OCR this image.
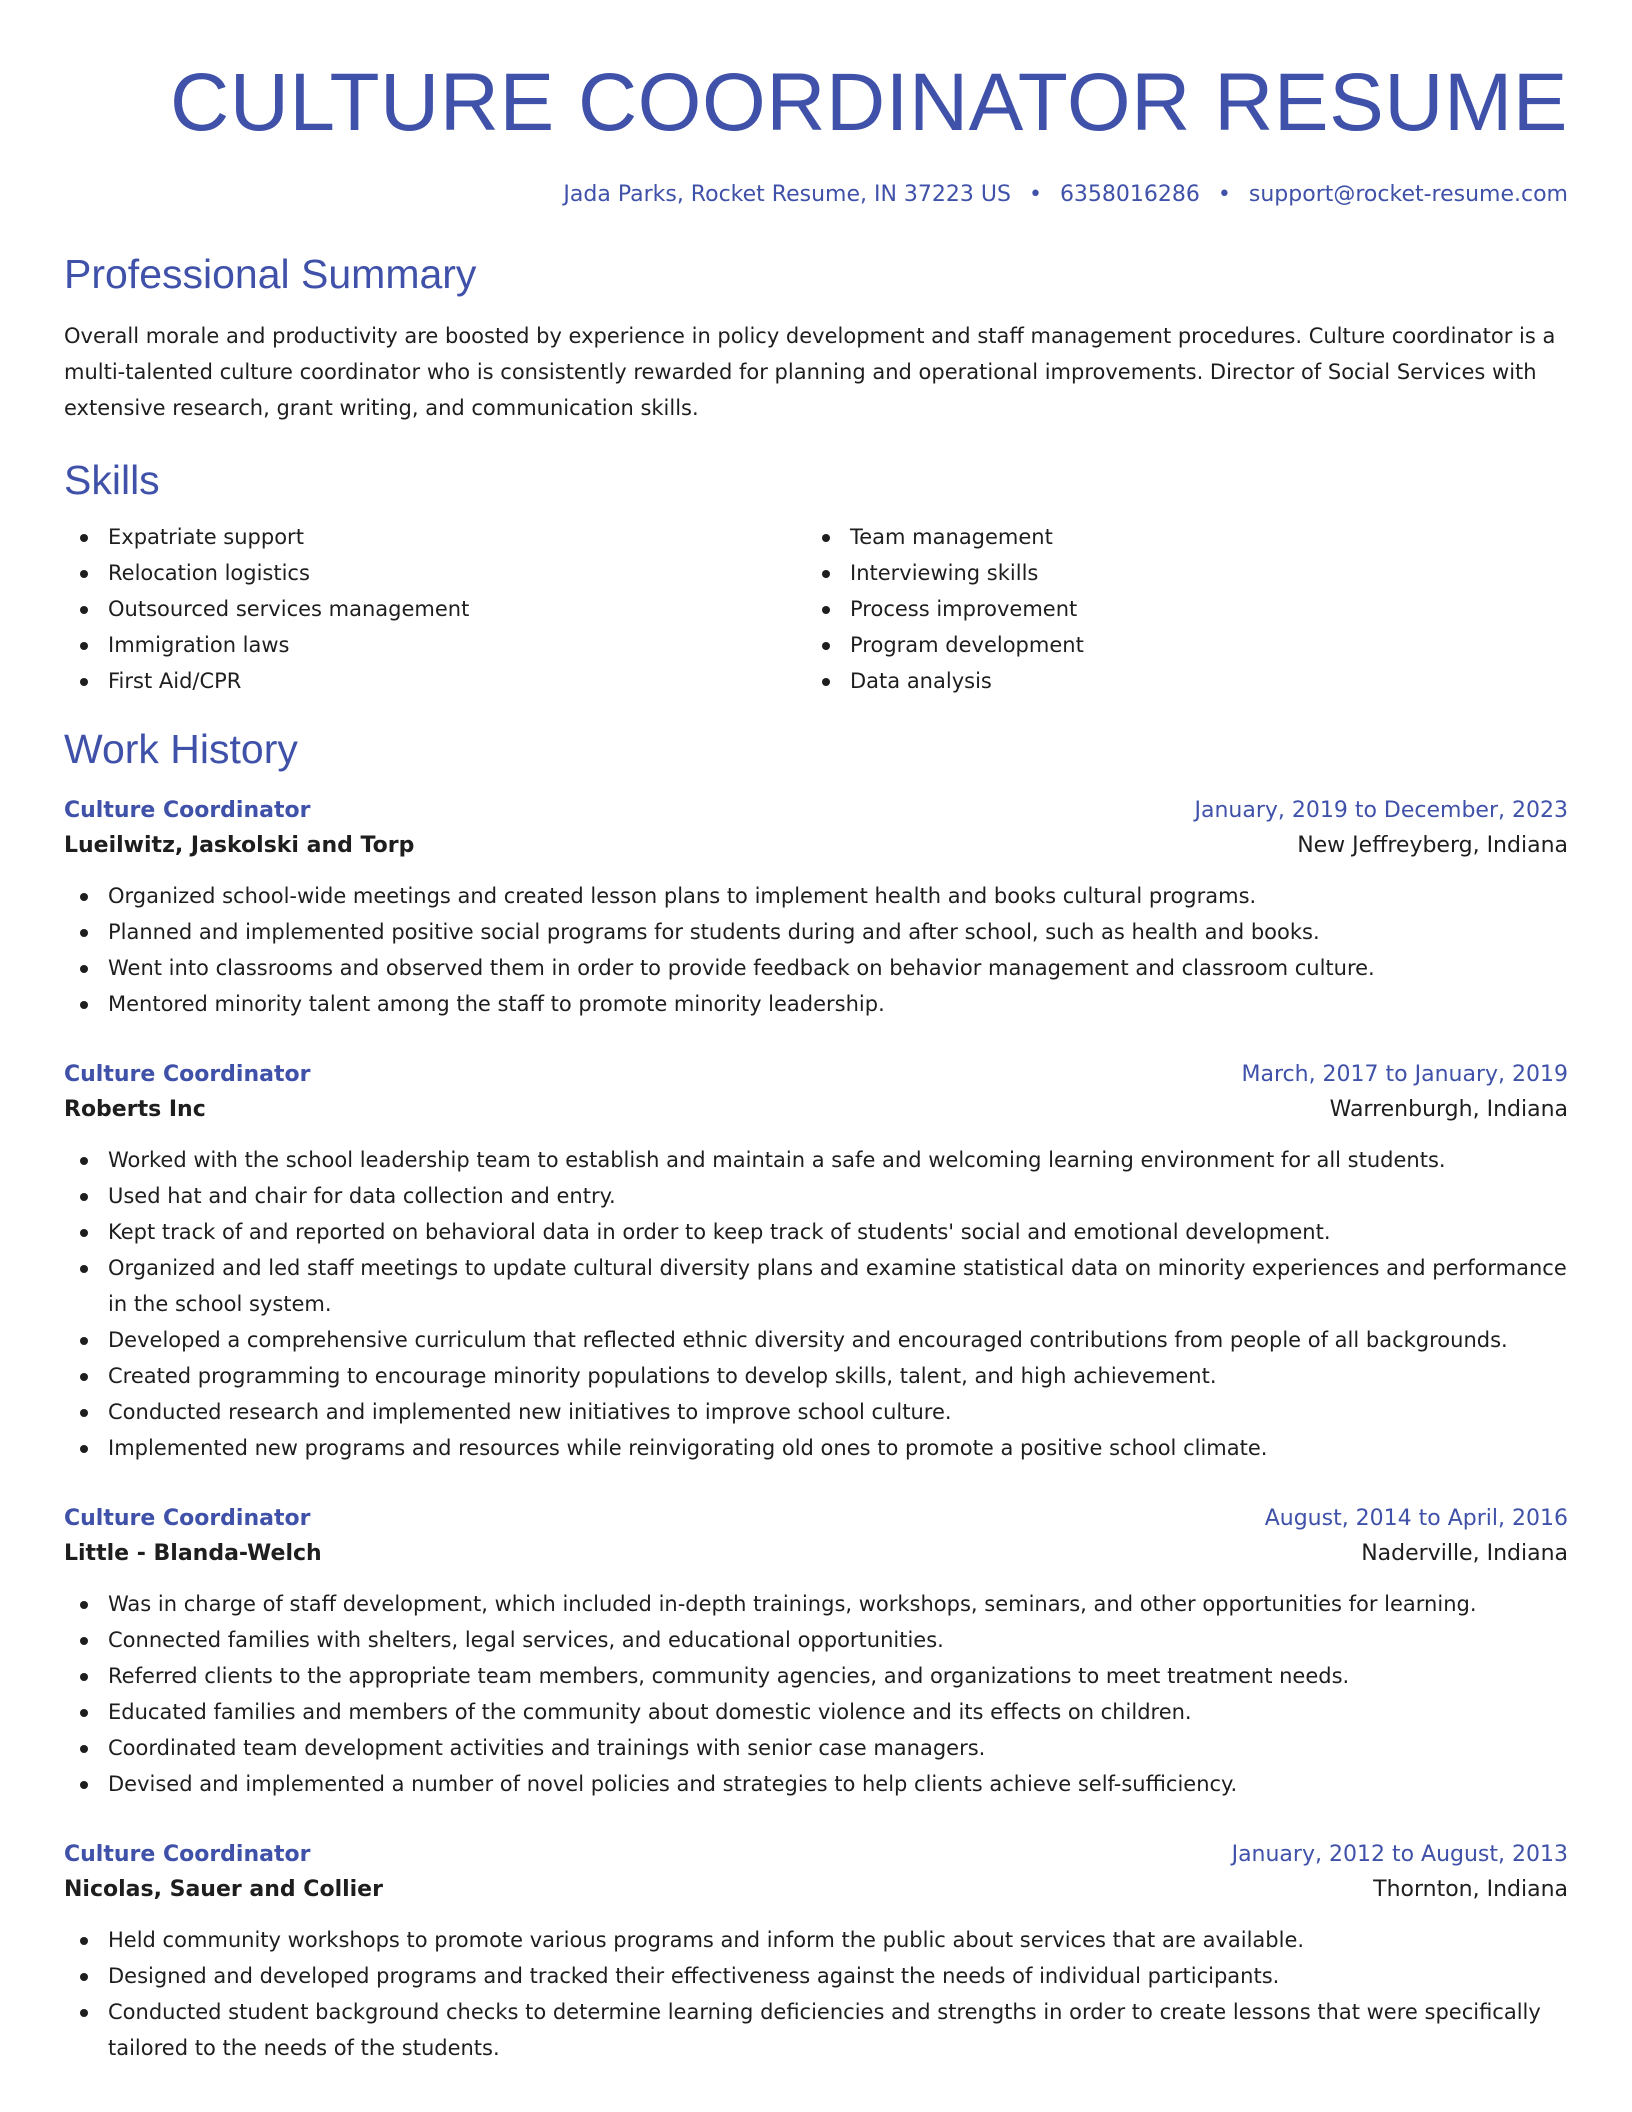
CULTURE COORDINATOR RESUME
Jada Parks, Rocket Resume, IN 37223 US • 6358016286 • support@rocket-resume.com
Professional Summary

Overall morale and productivity are boosted by experience in policy development and staff management procedures. Culture coordinator is a multi-talented culture coordinator who is consistently rewarded for planning and operational improvements. Director of Social Services with extensive research, grant writing, and communication skills.

Skills
Expatriate support
Relocation logistics
Outsourced services management
Immigration laws
First Aid/CPR
Team management
Interviewing skills
Process improvement
Program development
Data analysis
Work History
Culture Coordinator	January, 2019 to December, 2023
Lueilwitz, Jaskolski and Torp	New Jeffreyberg, Indiana
Organized school-wide meetings and created lesson plans to implement health and books cultural programs.
Planned and implemented positive social programs for students during and after school, such as health and books.
Went into classrooms and observed them in order to provide feedback on behavior management and classroom culture.
Mentored minority talent among the staff to promote minority leadership.
Culture Coordinator	March, 2017 to January, 2019
Roberts Inc	Warrenburgh, Indiana
Worked with the school leadership team to establish and maintain a safe and welcoming learning environment for all students.
Used hat and chair for data collection and entry.
Kept track of and reported on behavioral data in order to keep track of students' social and emotional development.
Organized and led staff meetings to update cultural diversity plans and examine statistical data on minority experiences and performance in the school system.
Developed a comprehensive curriculum that reflected ethnic diversity and encouraged contributions from people of all backgrounds.
Created programming to encourage minority populations to develop skills, talent, and high achievement.
Conducted research and implemented new initiatives to improve school culture.
Implemented new programs and resources while reinvigorating old ones to promote a positive school climate.
Culture Coordinator	August, 2014 to April, 2016
Little - Blanda-Welch	Naderville, Indiana
Was in charge of staff development, which included in-depth trainings, workshops, seminars, and other opportunities for learning.
Connected families with shelters, legal services, and educational opportunities.
Referred clients to the appropriate team members, community agencies, and organizations to meet treatment needs.
Educated families and members of the community about domestic violence and its effects on children.
Coordinated team development activities and trainings with senior case managers.
Devised and implemented a number of novel policies and strategies to help clients achieve self-sufficiency.
Culture Coordinator	January, 2012 to August, 2013
Nicolas, Sauer and Collier	Thornton, Indiana
Held community workshops to promote various programs and inform the public about services that are available.
Designed and developed programs and tracked their effectiveness against the needs of individual participants.
Conducted student background checks to determine learning deficiencies and strengths in order to create lessons that were specifically tailored to the needs of the students.
